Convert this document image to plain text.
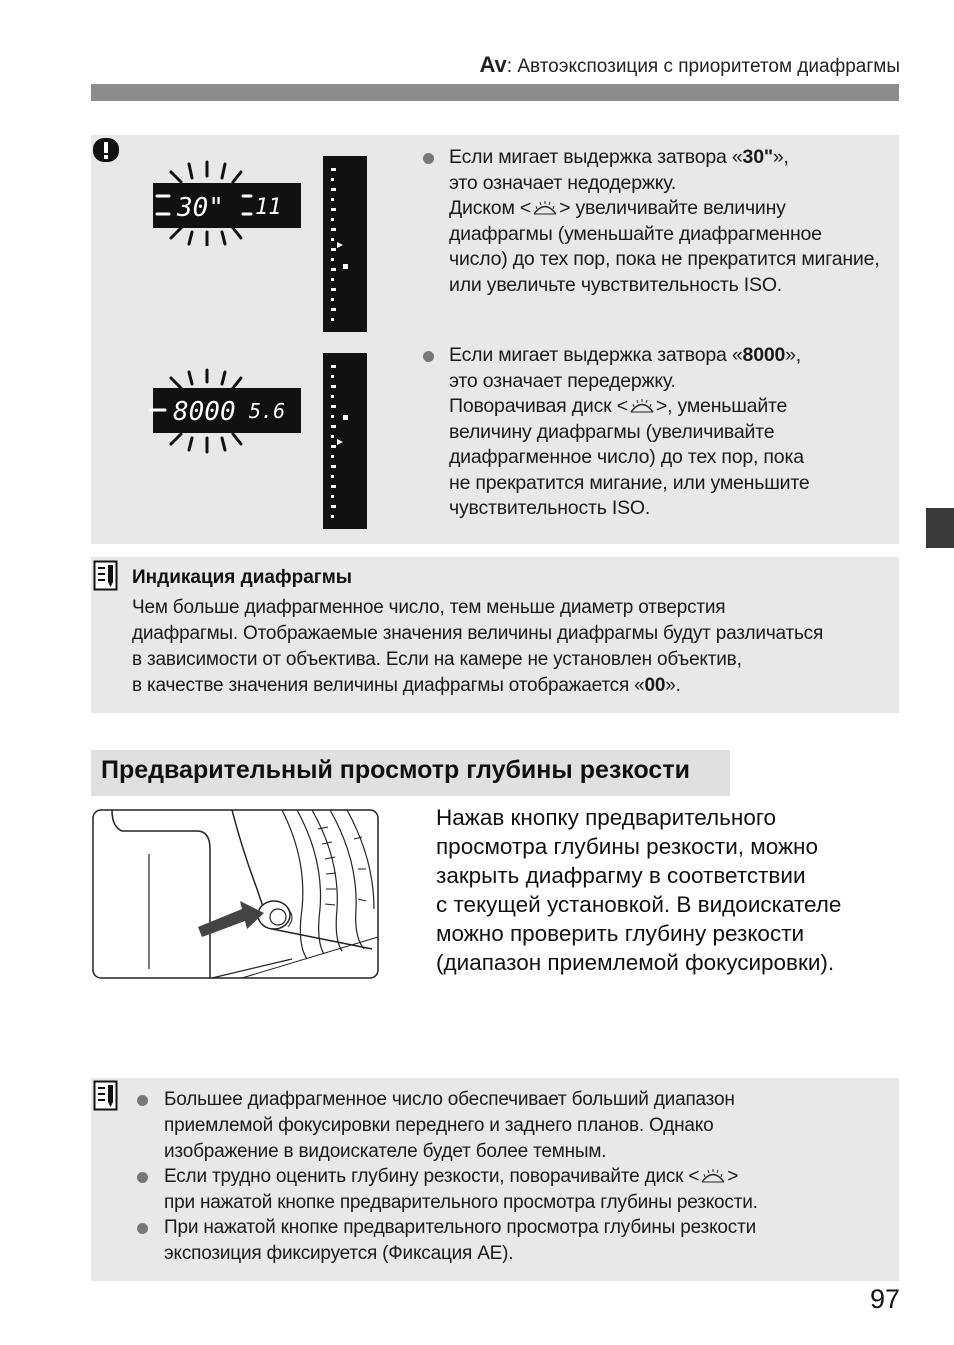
Av: Автоэкспозиция с приоритетом диафрагмы
30" 11
8000 5.6
Если мигает выдержка затвора «30"»,
это означает недодержку.
Диском < > увеличивайте величину
диафрагмы (уменьшайте диафрагменное
число) до тех пор, пока не прекратится мигание,
или увеличьте чувствительность ISO.
Если мигает выдержка затвора «8000»,
это означает передержку.
Поворачивая диск < >, уменьшайте
величину диафрагмы (увеличивайте
диафрагменное число) до тех пор, пока
не прекратится мигание, или уменьшите
чувствительность ISO.
Индикация диафрагмы
Чем больше диафрагменное число, тем меньше диаметр отверстия
диафрагмы. Отображаемые значения величины диафрагмы будут различаться
в зависимости от объектива. Если на камере не установлен объектив,
в качестве значения величины диафрагмы отображается «00».
Предварительный просмотр глубины резкости
Нажав кнопку предварительного
просмотра глубины резкости, можно
закрыть диафрагму в соответствии
с текущей установкой. В видоискателе
можно проверить глубину резкости
(диапазон приемлемой фокусировки).
Большее диафрагменное число обеспечивает больший диапазон
приемлемой фокусировки переднего и заднего планов. Однако
изображение в видоискателе будет более темным.
Если трудно оценить глубину резкости, поворачивайте диск < >
при нажатой кнопке предварительного просмотра глубины резкости.
При нажатой кнопке предварительного просмотра глубины резкости
экспозиция фиксируется (Фиксация AE).
97
